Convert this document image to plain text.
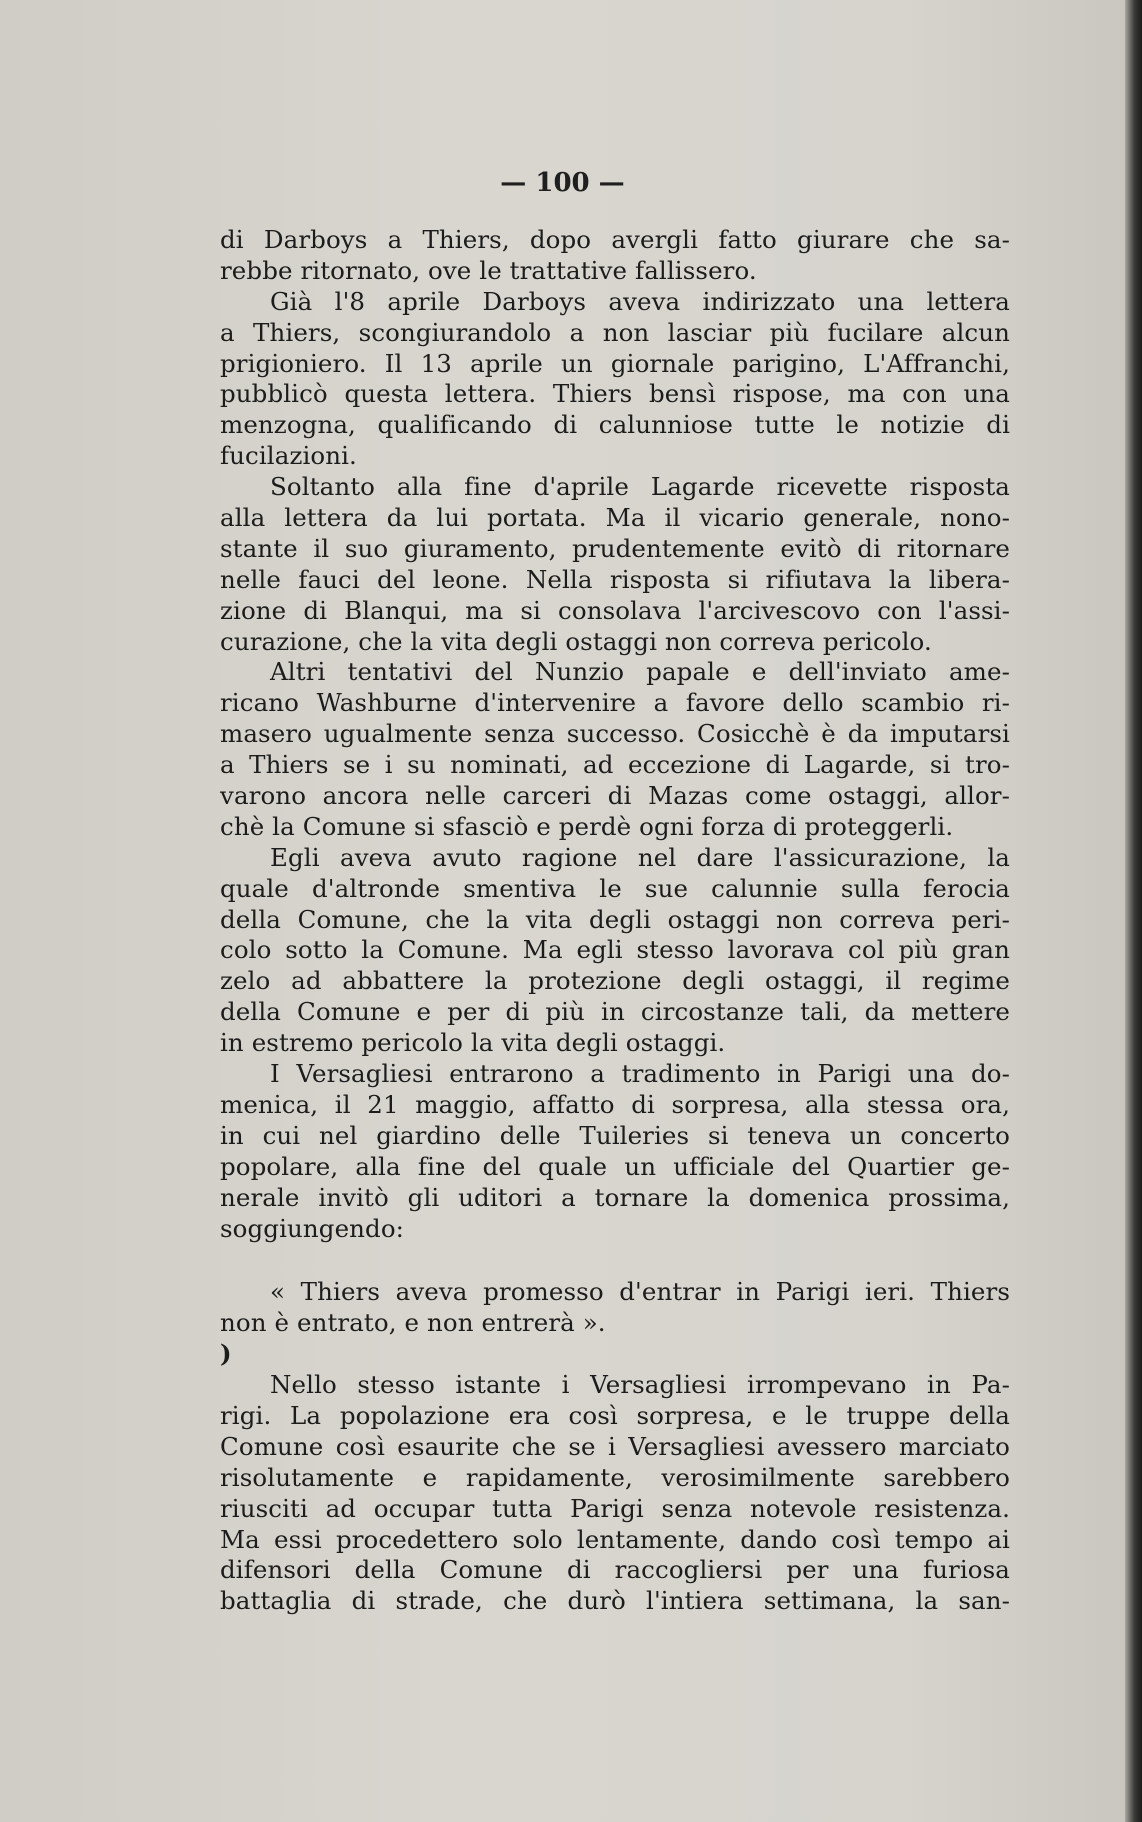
— 100 —
di Darboys a Thiers, dopo avergli fatto giurare che sa-
rebbe ritornato, ove le trattative fallissero.
Già l'8 aprile Darboys aveva indirizzato una lettera
a Thiers, scongiurandolo a non lasciar più fucilare alcun
prigioniero. Il 13 aprile un giornale parigino, L'Affranchi,
pubblicò questa lettera. Thiers bensì rispose, ma con una
menzogna, qualificando di calunniose tutte le notizie di
fucilazioni.
Soltanto alla fine d'aprile Lagarde ricevette risposta
alla lettera da lui portata. Ma il vicario generale, nono-
stante il suo giuramento, prudentemente evitò di ritornare
nelle fauci del leone. Nella risposta si rifiutava la libera-
zione di Blanqui, ma si consolava l'arcivescovo con l'assi-
curazione, che la vita degli ostaggi non correva pericolo.
Altri tentativi del Nunzio papale e dell'inviato ame-
ricano Washburne d'intervenire a favore dello scambio ri-
masero ugualmente senza successo. Cosicchè è da imputarsi
a Thiers se i su nominati, ad eccezione di Lagarde, si tro-
varono ancora nelle carceri di Mazas come ostaggi, allor-
chè la Comune si sfasciò e perdè ogni forza di proteggerli.
Egli aveva avuto ragione nel dare l'assicurazione, la
quale d'altronde smentiva le sue calunnie sulla ferocia
della Comune, che la vita degli ostaggi non correva peri-
colo sotto la Comune. Ma egli stesso lavorava col più gran
zelo ad abbattere la protezione degli ostaggi, il regime
della Comune e per di più in circostanze tali, da mettere
in estremo pericolo la vita degli ostaggi.
I Versagliesi entrarono a tradimento in Parigi una do-
menica, il 21 maggio, affatto di sorpresa, alla stessa ora,
in cui nel giardino delle Tuileries si teneva un concerto
popolare, alla fine del quale un ufficiale del Quartier ge-
nerale invitò gli uditori a tornare la domenica prossima,
soggiungendo:
« Thiers aveva promesso d'entrar in Parigi ieri. Thiers
non è entrato, e non entrerà ».
)
Nello stesso istante i Versagliesi irrompevano in Pa-
rigi. La popolazione era così sorpresa, e le truppe della
Comune così esaurite che se i Versagliesi avessero marciato
risolutamente e rapidamente, verosimilmente sarebbero
riusciti ad occupar tutta Parigi senza notevole resistenza.
Ma essi procedettero solo lentamente, dando così tempo ai
difensori della Comune di raccogliersi per una furiosa
battaglia di strade, che durò l'intiera settimana, la san-
